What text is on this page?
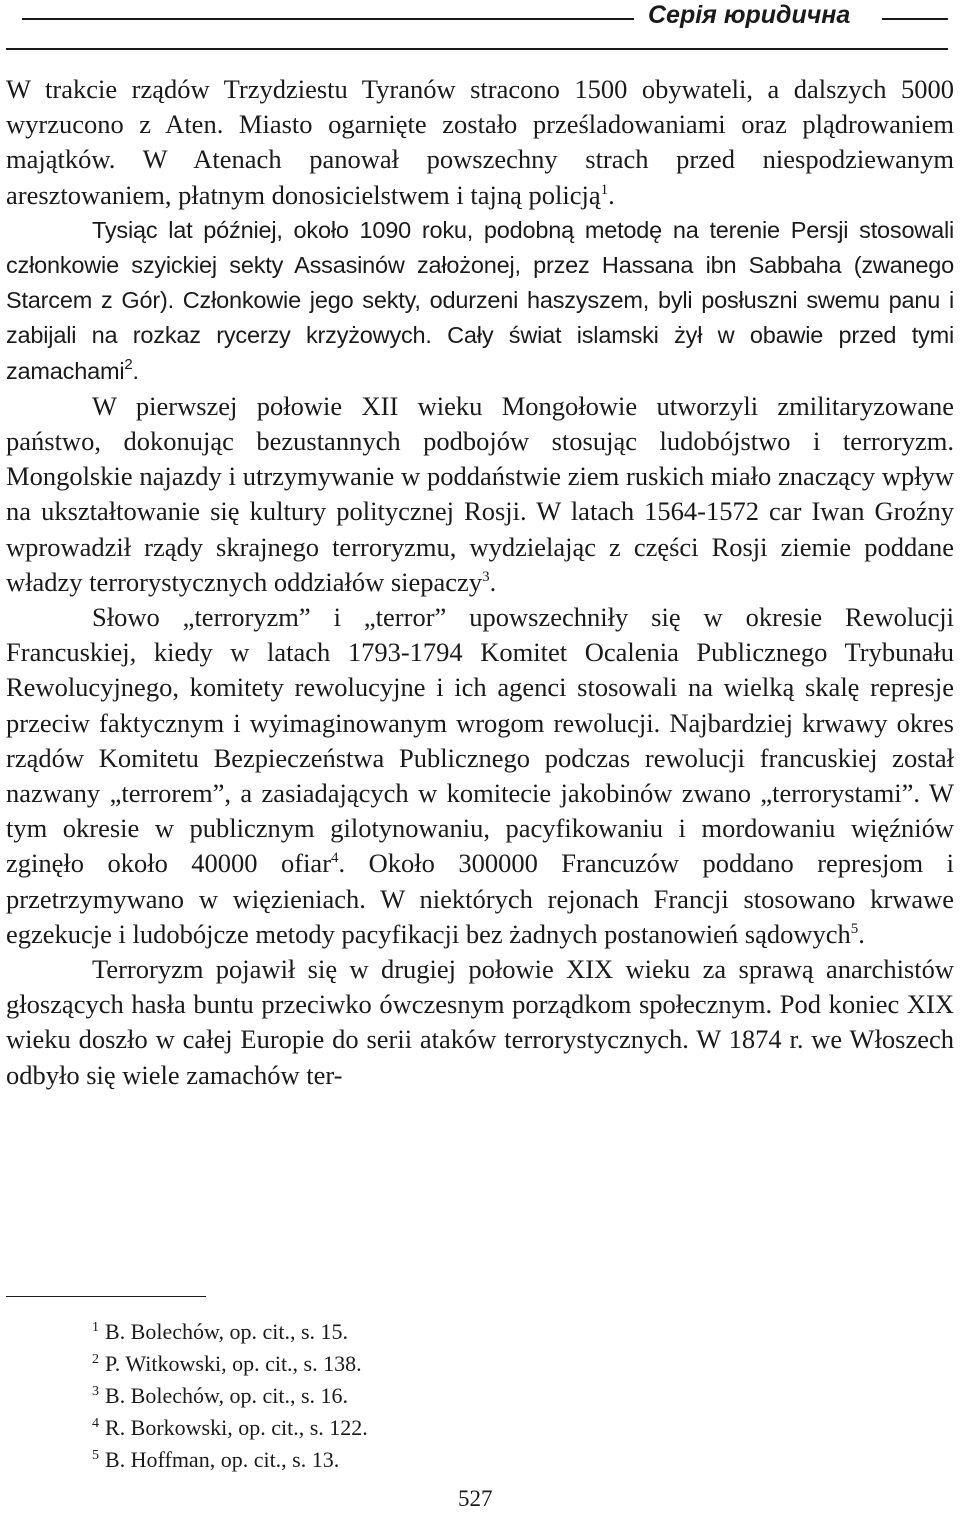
Серія юридична

W trakcie rządów Trzydziestu Tyranów stracono 1500 obywateli, a dalszych 5000 wyrzucono z Aten. Miasto ogarnięte zostało prześladowaniami oraz plądrowaniem majątków. W Atenach panował powszechny strach przed niespodziewanym aresztowaniem, płatnym donosicielstwem i tajną policją$^1$.

Tysiąc lat później, około 1090 roku, podobną metodę na terenie Persji stosowali członkowie szyickiej sekty Assasinów założonej, przez Hassana ibn Sabbaha (zwanego Starcem z Gór). Członkowie jego sekty, odurzeni haszyszem, byli posłuszni swemu panu i zabijali na rozkaz rycerzy krzyżowych. Cały świat islamski żył w obawie przed tymi zamachami$^2$.

W pierwszej połowie XII wieku Mongołowie utworzyli zmilitaryzowane państwo, dokonując bezustannych podbojów stosując ludobójstwo i terroryzm. Mongolskie najazdy i utrzymywanie w poddaństwie ziem ruskich miało znaczący wpływ na ukształtowanie się kultury politycznej Rosji. W latach 1564-1572 car Iwan Groźny wprowadził rządy skrajnego terroryzmu, wydzielając z części Rosji ziemie poddane władzy terrorystycznych oddziałów siepaczy$^3$.

Słowo „terroryzm” i „terror” upowszechniły się w okresie Rewolucji Francuskiej, kiedy w latach 1793-1794 Komitet Ocalenia Publicznego Trybunału Rewolucyjnego, komitety rewolucyjne i ich agenci stosowali na wielką skalę represje przeciw faktycznym i wyimaginowanym wrogom rewolucji. Najbardziej krwawy okres rządów Komitetu Bezpieczeństwa Publicznego podczas rewolucji francuskiej został nazwany „terrorem”, a zasiadających w komitecie jakobinów zwano „terrorystami”. W tym okresie w publicznym gilotynowaniu, pacyfikowaniu i mordowaniu więźniów zginęło około 40000 ofiar$^4$. Około 300000 Francuzów poddano represjom i przetrzymywano w więzieniach. W niektórych rejonach Francji stosowano krwawe egzekucje i ludobójcze metody pacyfikacji bez żadnych postanowień sądowych$^5$.

Terroryzm pojawił się w drugiej połowie XIX wieku za sprawą anarchistów głoszących hasła buntu przeciwko ówczesnym porządkom społecznym. Pod koniec XIX wieku doszło w całej Europie do serii ataków terrorystycznych. W 1874 r. we Włoszech odbyło się wiele zamachów ter-

$^1$ B. Bolechów, op. cit., s. 15.
$^2$ P. Witkowski, op. cit., s. 138.
$^3$ B. Bolechów, op. cit., s. 16.
$^4$ R. Borkowski, op. cit., s. 122.
$^5$ B. Hoffman, op. cit., s. 13.
527
